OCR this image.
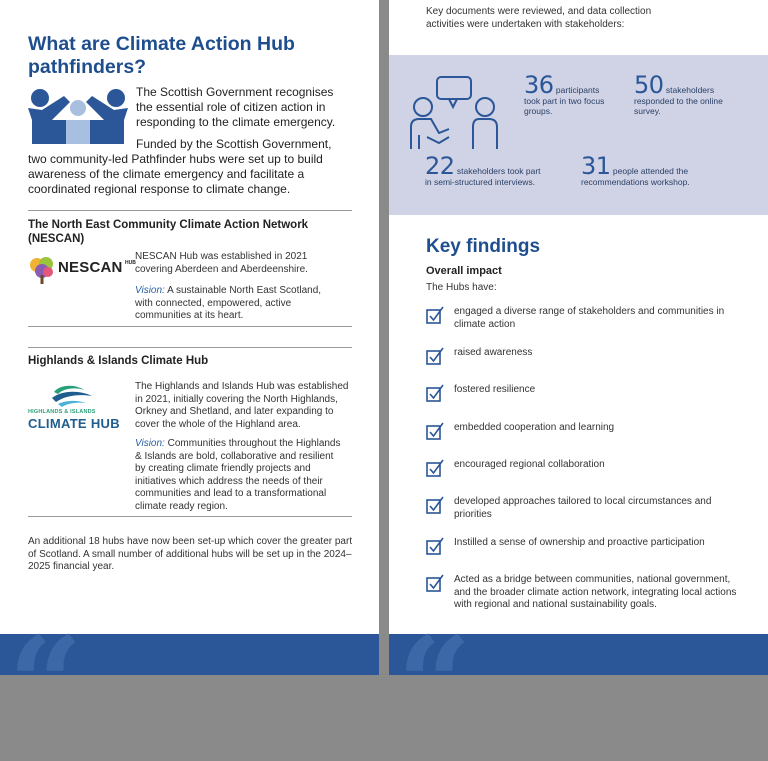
What are Climate Action Hub pathfinders?
The Scottish Government recognises the essential role of citizen action in responding to the climate emergency.
Funded by the Scottish Government, two community-led Pathfinder hubs were set up to build awareness of the climate emergency and facilitate a coordinated regional response to climate change.
The North East Community Climate Action Network (NESCAN)
NESCAN HUB
NESCAN Hub was established in 2021 covering Aberdeen and Aberdeenshire.
Vision: A sustainable North East Scotland, with connected, empowered, active communities at its heart.
Highlands & Islands Climate Hub
HIGHLANDS & ISLANDS
CLIMATE HUB
The Highlands and Islands Hub was established in 2021, initially covering the North Highlands, Orkney and Shetland, and later expanding to cover the whole of the Highland area.
Vision: Communities throughout the Highlands & Islands are bold, collaborative and resilient by creating climate friendly projects and initiatives which address the needs of their communities and lead to a transformational climate ready region.
An additional 18 hubs have now been set-up which cover the greater part of Scotland. A small number of additional hubs will be set up in the 2024–2025 financial year.
“
Key documents were reviewed, and data collection activities were undertaken with stakeholders:
36 participants
took part in two focus groups.
50 stakeholders
responded to the online survey.
22 stakeholders took part
in semi-structured interviews.
31 people attended the
recommendations workshop.
Key findings
Overall impact
The Hubs have:
engaged a diverse range of stakeholders and communities in climate action
raised awareness
fostered resilience
embedded cooperation and learning
encouraged regional collaboration
developed approaches tailored to local circumstances and priorities
Instilled a sense of ownership and proactive participation
Acted as a bridge between communities, national government, and the broader climate action network, integrating local actions with regional and national sustainability goals.
“
